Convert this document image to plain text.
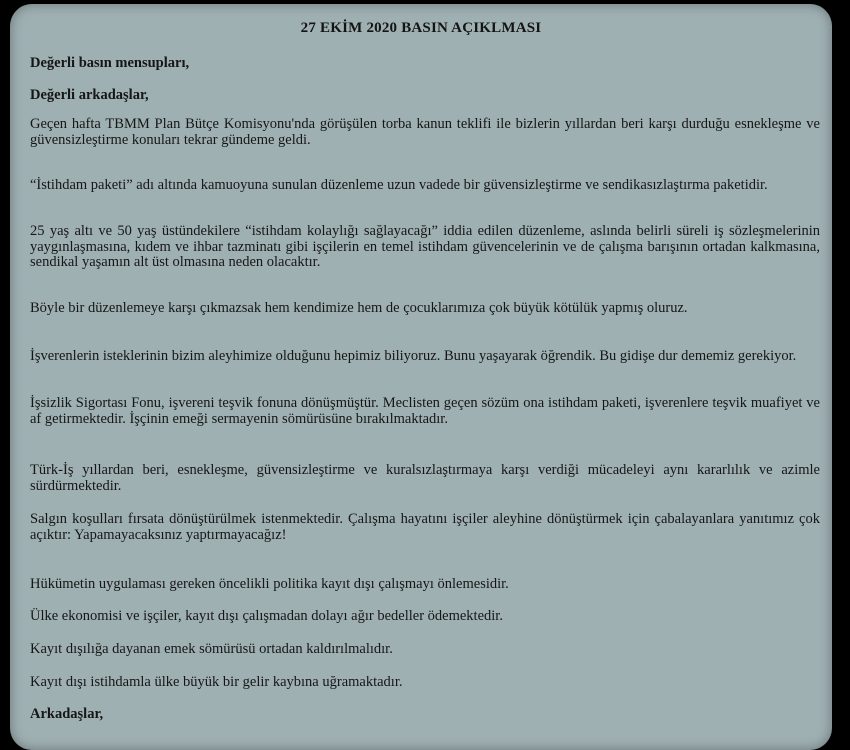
27 EKİM 2020 BASIN AÇIKLMASI
Değerli basın mensupları,
Değerli arkadaşlar,
Geçen hafta TBMM Plan Bütçe Komisyonu'nda görüşülen torba kanun teklifi ile bizlerin yıllardan beri karşı durduğu esnekleşme ve güvensizleştirme konuları tekrar gündeme geldi.
“İstihdam paketi” adı altında kamuoyuna sunulan düzenleme uzun vadede bir güvensizleştirme ve sendikasızlaştırma paketidir.
25 yaş altı ve 50 yaş üstündekilere “istihdam kolaylığı sağlayacağı” iddia edilen düzenleme, aslında belirli süreli iş sözleşmelerinin yaygınlaşmasına, kıdem ve ihbar tazminatı gibi işçilerin en temel istihdam güvencelerinin ve de çalışma barışının ortadan kalkmasına, sendikal yaşamın alt üst olmasına neden olacaktır.
Böyle bir düzenlemeye karşı çıkmazsak hem kendimize hem de çocuklarımıza çok büyük kötülük yapmış oluruz.
İşverenlerin isteklerinin bizim aleyhimize olduğunu hepimiz biliyoruz. Bunu yaşayarak öğrendik. Bu gidişe dur dememiz gerekiyor.
İşsizlik Sigortası Fonu, işvereni teşvik fonuna dönüşmüştür. Meclisten geçen sözüm ona istihdam paketi, işverenlere teşvik muafiyet ve af getirmektedir. İşçinin emeği sermayenin sömürüsüne bırakılmaktadır.
Türk-İş yıllardan beri, esnekleşme, güvensizleştirme ve kuralsızlaştırmaya karşı verdiği mücadeleyi aynı kararlılık ve azimle sürdürmektedir.
Salgın koşulları fırsata dönüştürülmek istenmektedir. Çalışma hayatını işçiler aleyhine dönüştürmek için çabalayanlara yanıtımız çok açıktır: Yapamayacaksınız yaptırmayacağız!
Hükümetin uygulaması gereken öncelikli politika kayıt dışı çalışmayı önlemesidir.
Ülke ekonomisi ve işçiler, kayıt dışı çalışmadan dolayı ağır bedeller ödemektedir.
Kayıt dışılığa dayanan emek sömürüsü ortadan kaldırılmalıdır.
Kayıt dışı istihdamla ülke büyük bir gelir kaybına uğramaktadır.
Arkadaşlar,
